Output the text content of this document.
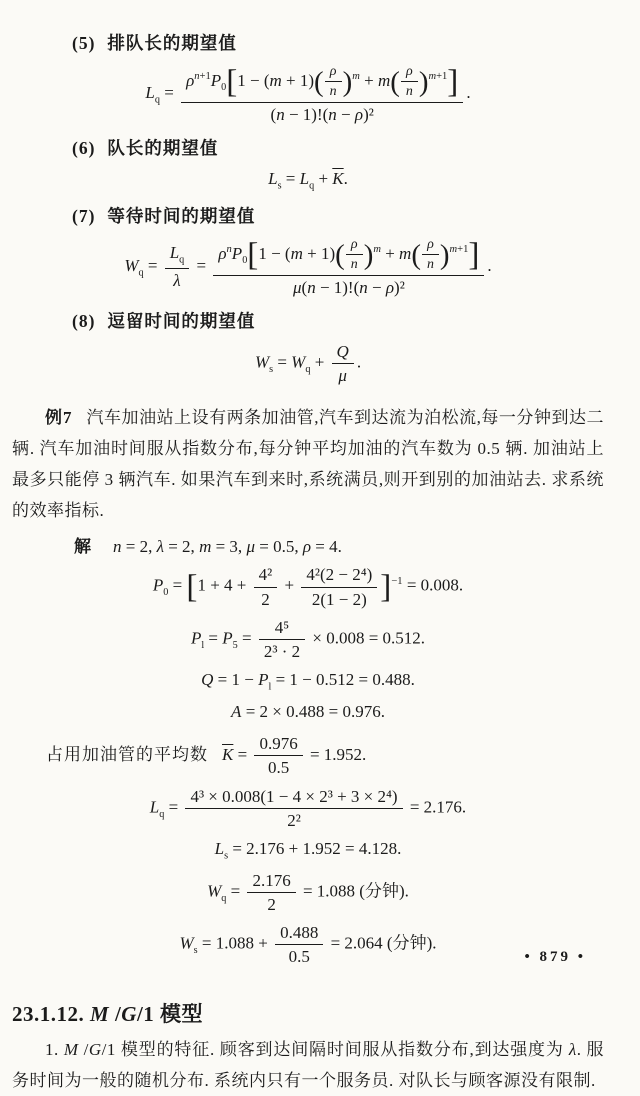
(5) 排队长的期望值

$L_q = \frac{\rho^{n+1}P_0[1 - (m + 1)( \frac{\rho}{n} )^m + m( \frac{\rho}{n} )^{m+1}]}{\text{(n − 1)!(n − ρ)²}}$ .

(6) 队长的期望值

$L_s = L_q + \overline{K}$.

(7) 等待时间的期望值

$W_q = \frac{L_q}{\lambda}$ =
$\rho^nP_0[1 - (m + 1)( \frac{\rho}{n} )^m + m( \frac{\rho}{n} )^{m+1}]$
μ(n − 1)!(n − ρ)²
.

(8) 逗留时间的期望值

$W_s = W_q + \frac{Q}{\mu}$ .

例7 汽车加油站上设有两条加油管,汽车到达流为泊松流,每一分钟到达二辆. 汽车加油时间服从指数分布,每分钟平均加油的汽车数为 0.5 辆. 加油站上最多只能停 3 辆汽车. 如果汽车到来时,系统满员,则开到别的加油站去. 求系统的效率指标.

解 n = 2, λ = 2, m = 3, μ = 0.5, ρ = 4.
$P_0 = [1 + 4 + \frac{\text{4²}}{2} + \frac{\text{4²(2 − 2⁴)}}{2(1 - 2)} ]^{-1} = 0.008$.
$P_l = P_5 = \frac{\text{4⁵}}{\text{2³ · 2}} \times 0.008 = 0.512$.
$Q = 1 - P_l = 1 - 0.512 = 0.488$.
A = 2 × 0.488 = 0.976.
占用加油管的平均数 $\overline{K} = \frac{0.976}{0.5} = 1.952$.
$L_q = \frac{\text{4³ × 0.008(1 − 4 × 2³ + 3 × 2⁴)}}{\text{2²}} = 2.176$.
$L_s = 2.176 + 1.952 = 4.128$.
$W_q = \frac{2.176}{2} = 1.088$ (分钟).
$W_s = 1.088 + \frac{0.488}{0.5} = 2.064$ (分钟).
23.1.12. M /G/1 模型

1. M /G/1 模型的特征. 顾客到达间隔时间服从指数分布,到达强度为 λ. 服务时间为一般的随机分布. 系统内只有一个服务员. 对队长与顾客源没有限制.

• 879 •
